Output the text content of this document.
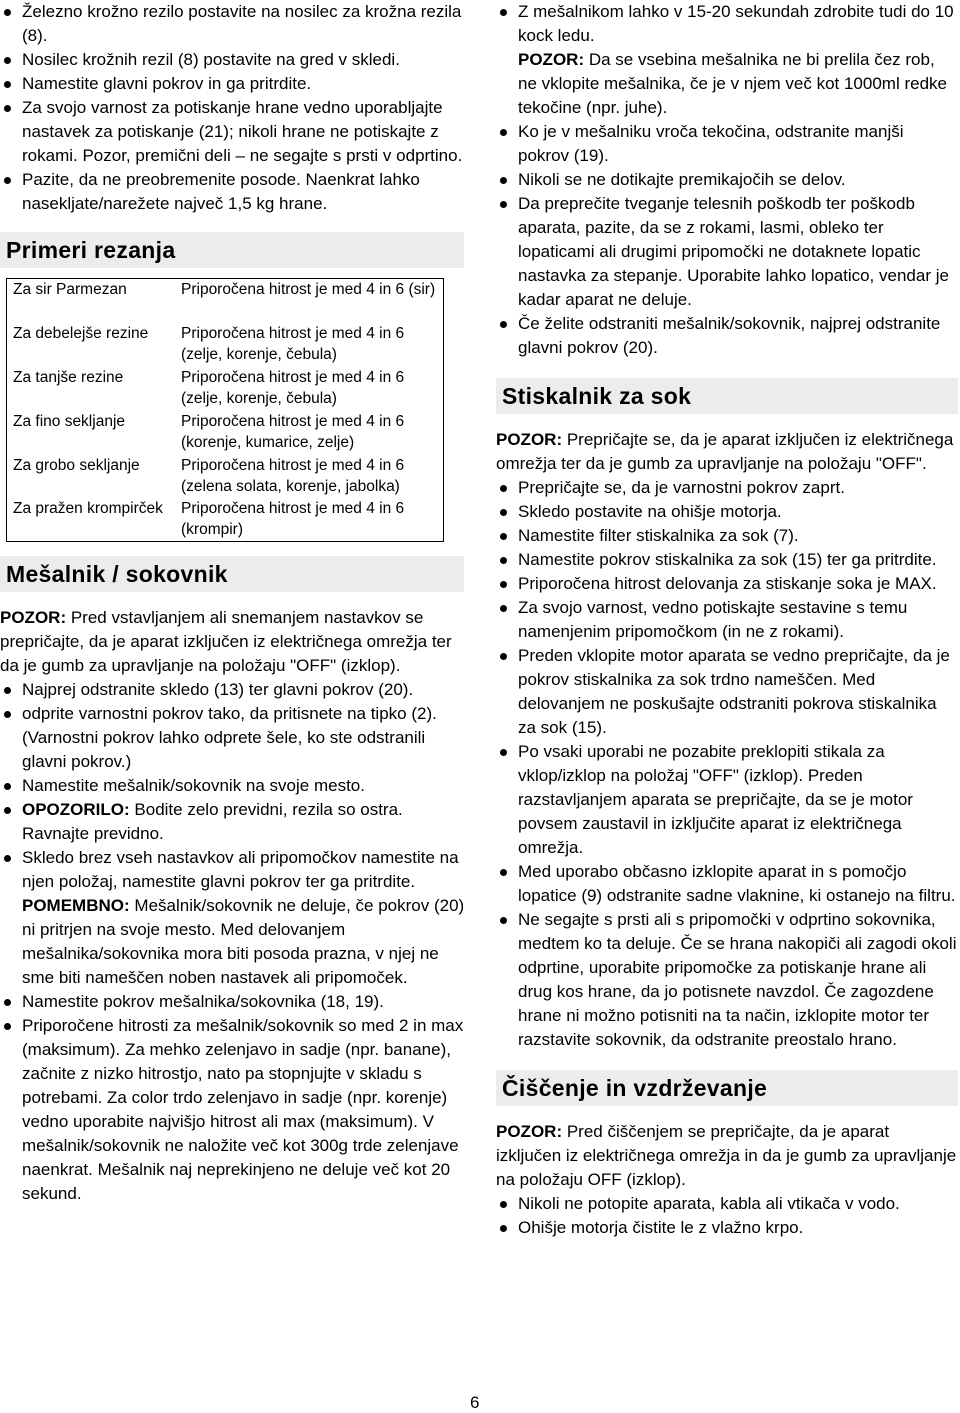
Železno krožno rezilo postavite na nosilec za krožna rezila (8).
Nosilec krožnih rezil (8) postavite na gred v skledi.
Namestite glavni pokrov in ga pritrdite.
Za svojo varnost za potiskanje hrane vedno uporabljajte nastavek za potiskanje (21); nikoli hrane ne potiskajte z rokami. Pozor, premični deli – ne segajte s prsti v odprtino.
Pazite, da ne preobremenite posode. Naenkrat lahko nasekljate/narežete največ 1,5 kg hrane.
Primeri rezanja
Za sir Parmezan	Priporočena hitrost je med 4 in 6 (sir)
Za debelejše rezine	Priporočena hitrost je med 4 in 6 (zelje, korenje, čebula)
Za tanjše rezine	Priporočena hitrost je med 4 in 6 (zelje, korenje, čebula)
Za fino sekljanje	Priporočena hitrost je med 4 in 6 (korenje, kumarice, zelje)
Za grobo sekljanje	Priporočena hitrost je med 4 in 6 (zelena solata, korenje, jabolka)
Za pražen krompirček	Priporočena hitrost je med 4 in 6 (krompir)
Mešalnik / sokovnik

POZOR: Pred vstavljanjem ali snemanjem nastavkov se prepričajte, da je aparat izključen iz električnega omrežja ter da je gumb za upravljanje na položaju "OFF" (izklop).

Najprej odstranite skledo (13) ter glavni pokrov (20).
odprite varnostni pokrov tako, da pritisnete na tipko (2). (Varnostni pokrov lahko odprete šele, ko ste odstranili glavni pokrov.)
Namestite mešalnik/sokovnik na svoje mesto.
OPOZORILO: Bodite zelo previdni, rezila so ostra. Ravnajte previdno.
Skledo brez vseh nastavkov ali pripomočkov namestite na njen položaj, namestite glavni pokrov ter ga pritrdite.
POMEMBNO: Mešalnik/sokovnik ne deluje, če pokrov (20) ni pritrjen na svoje mesto. Med delovanjem mešalnika/sokovnika mora biti posoda prazna, v njej ne sme biti nameščen noben nastavek ali pripomoček.
Namestite pokrov mešalnika/sokovnika (18, 19).
Priporočene hitrosti za mešalnik/sokovnik so med 2 in max (maksimum). Za mehko zelenjavo in sadje (npr. banane), začnite z nizko hitrostjo, nato pa stopnjujte v skladu s potrebami. Za color trdo zelenjavo in sadje (npr. korenje) vedno uporabite najvišjo hitrost ali max (maksimum). V mešalnik/sokovnik ne naložite več kot 300g trde zelenjave naenkrat. Mešalnik naj neprekinjeno ne deluje več kot 20 sekund.
Z mešalnikom lahko v 15-20 sekundah zdrobite tudi do 10 kock ledu.
POZOR: Da se vsebina mešalnika ne bi prelila čez rob, ne vklopite mešalnika, če je v njem več kot 1000ml redke tekočine (npr. juhe).
Ko je v mešalniku vroča tekočina, odstranite manjši pokrov (19).
Nikoli se ne dotikajte premikajočih se delov.
Da preprečite tveganje telesnih poškodb ter poškodb aparata, pazite, da se z rokami, lasmi, obleko ter lopaticami ali drugimi pripomočki ne dotaknete lopatic nastavka za stepanje. Uporabite lahko lopatico, vendar je kadar aparat ne deluje.
Če želite odstraniti mešalnik/sokovnik, najprej odstranite glavni pokrov (20).
Stiskalnik za sok

POZOR: Prepričajte se, da je aparat izključen iz električnega omrežja ter da je gumb za upravljanje na položaju "OFF".

Prepričajte se, da je varnostni pokrov zaprt.
Skledo postavite na ohišje motorja.
Namestite filter stiskalnika za sok (7).
Namestite pokrov stiskalnika za sok (15) ter ga pritrdite.
Priporočena hitrost delovanja za stiskanje soka je MAX.
Za svojo varnost, vedno potiskajte sestavine s temu namenjenim pripomočkom (in ne z rokami).
Preden vklopite motor aparata se vedno prepričajte, da je pokrov stiskalnika za sok trdno nameščen. Med delovanjem ne poskušajte odstraniti pokrova stiskalnika za sok (15).
Po vsaki uporabi ne pozabite preklopiti stikala za vklop/izklop na položaj "OFF" (izklop). Preden razstavljanjem aparata se prepričajte, da se je motor povsem zaustavil in izključite aparat iz električnega omrežja.
Med uporabo občasno izklopite aparat in s pomočjo lopatice (9) odstranite sadne vlaknine, ki ostanejo na filtru.
Ne segajte s prsti ali s pripomočki v odprtino sokovnika, medtem ko ta deluje. Če se hrana nakopiči ali zagodi okoli odprtine, uporabite pripomočke za potiskanje hrane ali drug kos hrane, da jo potisnete navzdol. Če zagozdene hrane ni možno potisniti na ta način, izklopite motor ter razstavite sokovnik, da odstranite preostalo hrano.
Čiščenje in vzdrževanje

POZOR: Pred čiščenjem se prepričajte, da je aparat izključen iz električnega omrežja in da je gumb za upravljanje na položaju OFF (izklop).

Nikoli ne potopite aparata, kabla ali vtikača v vodo.
Ohišje motorja čistite le z vlažno krpo.
6
